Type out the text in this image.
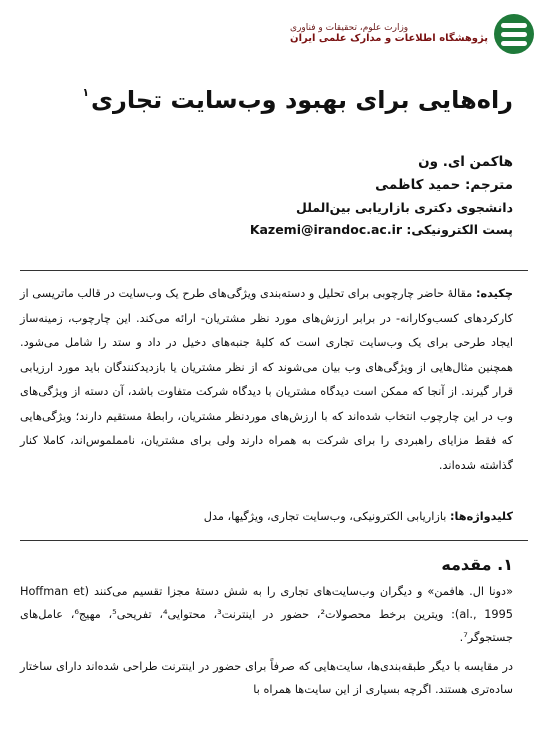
وزارت علوم، تحقیقات و فناوری
پژوهشگاه اطلاعات و مدارک علمی ایران
راه‌هایی برای بهبود وب‌سایت تجاری$^۱$
هاکمن ای. ون
مترجم: حمید کاظمی
دانشجوی دکتری بازاریابی بین‌الملل
پست الکترونیکی: Kazemi@irandoc.ac.ir
چکیده: مقالهٔ حاضر چارچوبی برای تحلیل و دسته‌بندی ویژگی‌های طرح یک وب‌سایت در قالب ماتریسی از کارکردهای کسب‌وکارانه- در برابر ارزش‌های مورد نظر مشتریان- ارائه می‌کند. این چارچوب، زمینه‌ساز ایجاد طرحی برای یک وب‌سایت تجاری است که کلیهٔ جنبه‌های دخیل در داد و ستد را شامل می‌شود. همچنین مثال‌هایی از ویژگی‌های وب بیان می‌شوند که از نظر مشتریان یا بازدیدکنندگان باید مورد ارزیابی قرار گیرند. از آنجا که ممکن است دیدگاه مشتریان با دیدگاه شرکت متفاوت باشد، آن دسته از ویژگی‌های وب در این چارچوب انتخاب شده‌اند که با ارزش‌های موردنظر مشتریان، رابطهٔ مستقیم دارند؛ ویژگی‌هایی که فقط مزایای راهبردی را برای شرکت به همراه دارند ولی برای مشتریان، نامملموس‌اند، کاملا کنار گذاشته شده‌اند.
کلیدواژه‌ها: بازاریابی الکترونیکی، وب‌سایت تجاری، ویژگیها، مدل
۱. مقدمه

«دونا ال. هافمن» و دیگران وب‌سایت‌های تجاری را به شش دستهٔ مجزا تقسیم می‌کنند (Hoffman et al., 1995): ویترین برخط محصولات²، حضور در اینترنت³، محتوایی⁴، تفریحی⁵، مهیج⁶، عامل‌های جستجوگر⁷.

در مقایسه با دیگر طبقه‌بندی‌ها، سایت‌هایی که صرفاً برای حضور در اینترنت طراحی شده‌اند دارای ساختار ساده‌تری هستند. اگرچه بسیاری از این سایت‌ها همراه با
